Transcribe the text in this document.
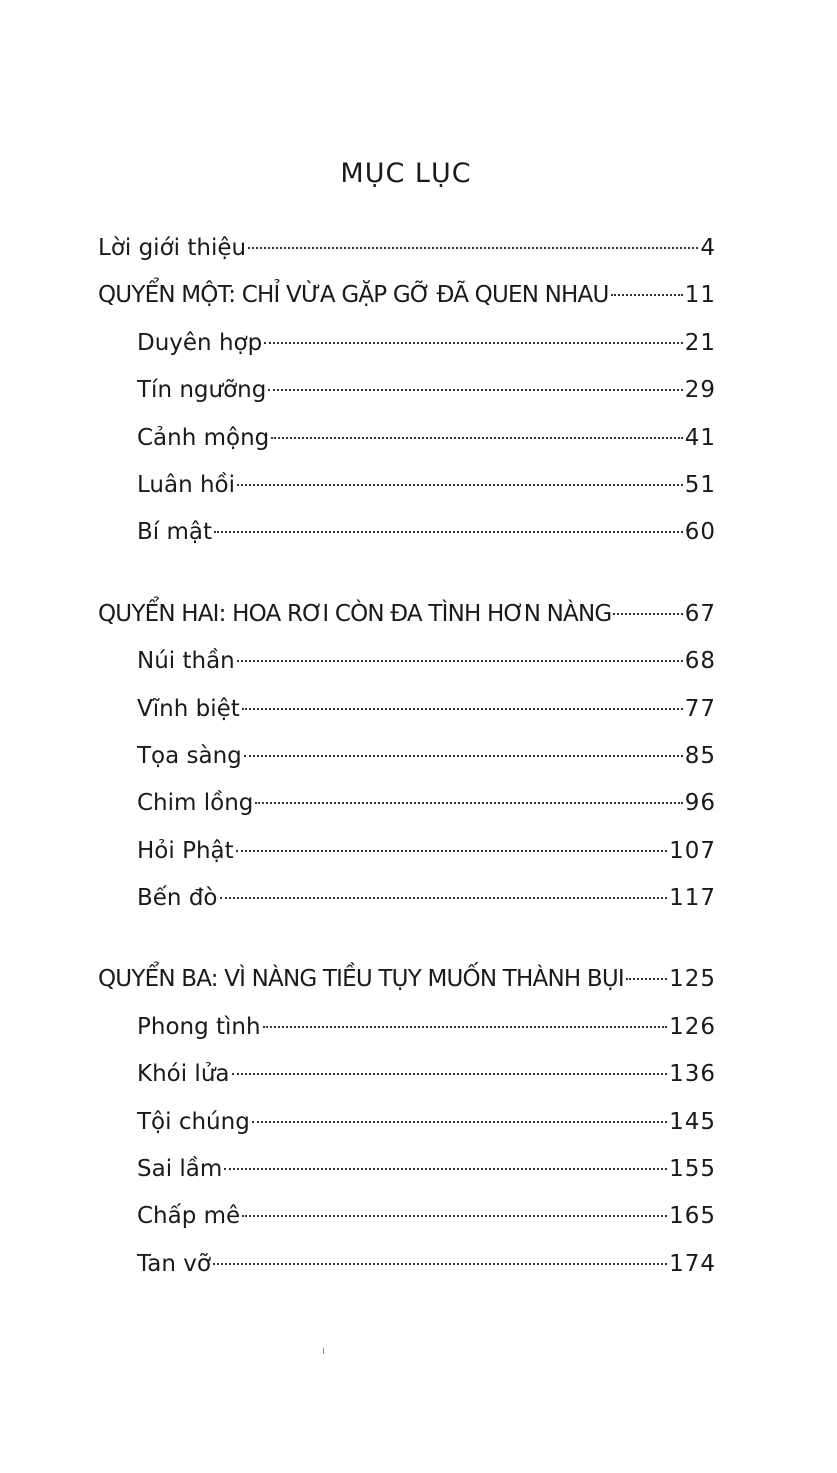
MỤC LỤC
Lời giới thiệu	4
QUYỂN MỘT: CHỈ VỪA GẶP GỠ ĐÃ QUEN NHAU	11
Duyên hợp	21
Tín ngưỡng	29
Cảnh mộng	41
Luân hồi	51
Bí mật	60
QUYỂN HAI: HOA RƠI CÒN ĐA TÌNH HƠN NÀNG	67
Núi thần	68
Vĩnh biệt	77
Tọa sàng	85
Chim lồng	96
Hỏi Phật	107
Bến đò	117
QUYỂN BA: VÌ NÀNG TIỀU TỤY MUỐN THÀNH BỤI 125
Phong tình	126
Khói lửa	136
Tội chúng	145
Sai lầm	155
Chấp mê	165
Tan vỡ	174
